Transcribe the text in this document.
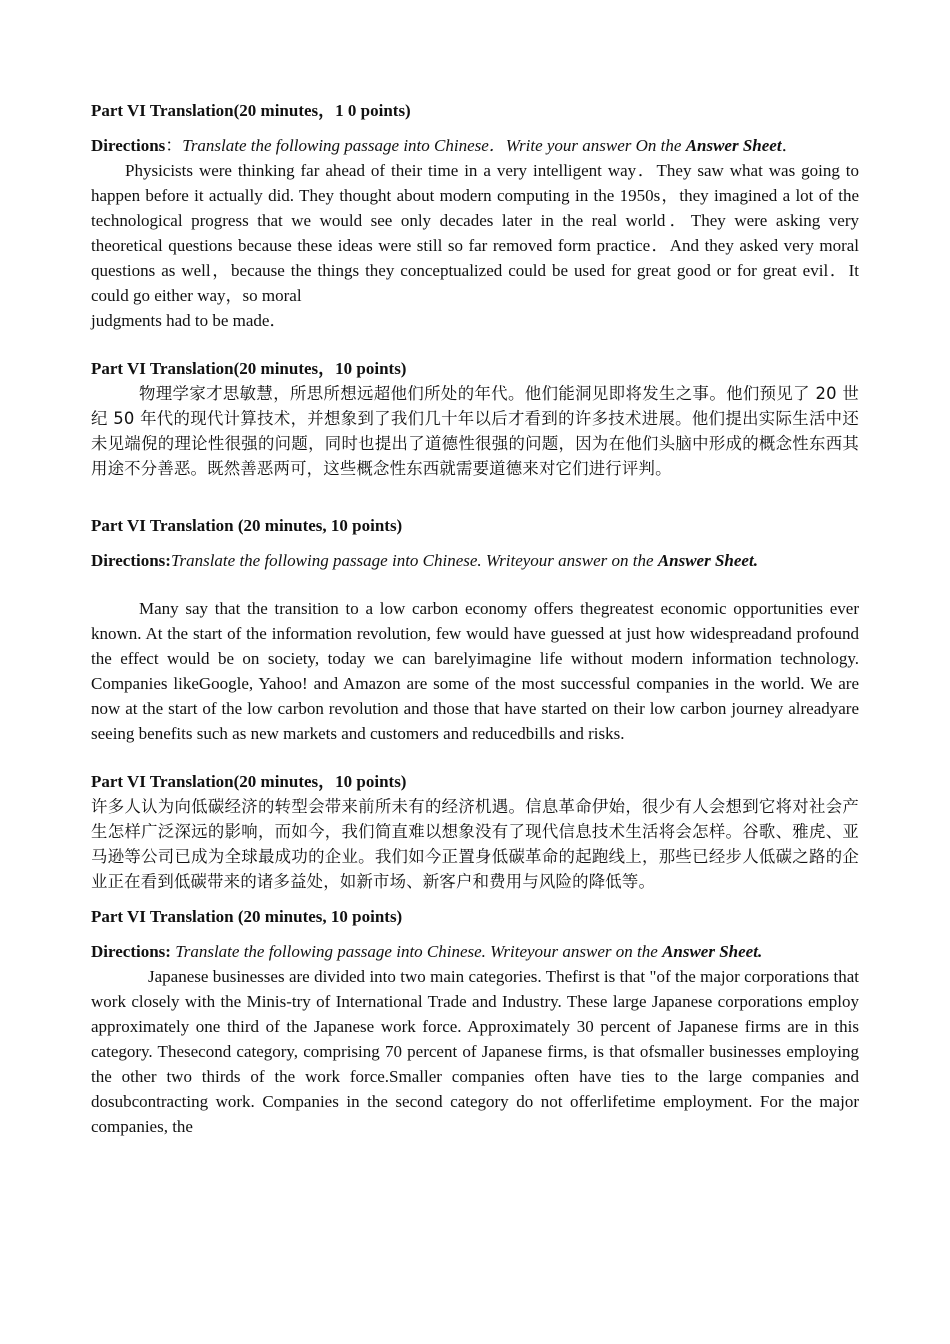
Part VI Translation(20 minutes，1 0 points)

Directions：Translate the following passage into Chinese．Write your answer On the Answer Sheet．

Physicists were thinking far ahead of their time in a very intelligent way．They saw what was going to happen before it actually did. They thought about modern computing in the 1950s，they imagined a lot of the technological progress that we would see only decades later in the real world．They were asking very theoretical questions because these ideas were still so far removed form practice．And they asked very moral questions as well，because the things they conceptualized could be used for great good or for great evil．It could go either way，so moral

judgments had to be made．

Part VI Translation(20 minutes，10 points)

物理学家才思敏慧，所思所想远超他们所处的年代。他们能洞见即将发生之事。他们预见了 20 世纪 50 年代的现代计算技术，并想象到了我们几十年以后才看到的许多技术进展。他们提出实际生活中还未见端倪的理论性很强的问题，同时也提出了道德性很强的问题，因为在他们头脑中形成的概念性东西其用途不分善恶。既然善恶两可，这些概念性东西就需要道德来对它们进行评判。

Part VI Translation (20 minutes, 10 points)

Directions:Translate the following passage into Chinese. Writeyour answer on the Answer Sheet.

Many say that the transition to a low carbon economy offers thegreatest economic opportunities ever known. At the start of the information revolution, few would have guessed at just how widespreadand profound the effect would be on society, today we can barelyimagine life without modern information technology. Companies likeGoogle, Yahoo! and Amazon are some of the most successful companies in the world. We are now at the start of the low carbon revolution and those that have started on their low carbon journey alreadyare seeing benefits such as new markets and customers and reducedbills and risks.

Part VI Translation(20 minutes，10 points)

许多人认为向低碳经济的转型会带来前所未有的经济机遇。信息革命伊始，很少有人会想到它将对社会产生怎样广泛深远的影响，而如今，我们简直难以想象没有了现代信息技术生活将会怎样。谷歌、雅虎、亚马逊等公司已成为全球最成功的企业。我们如今正置身低碳革命的起跑线上，那些已经步人低碳之路的企业正在看到低碳带来的诸多益处，如新市场、新客户和费用与风险的降低等。

Part VI Translation (20 minutes, 10 points)

Directions: Translate the following passage into Chinese. Writeyour answer on the Answer Sheet.

Japanese businesses are divided into two main categories. Thefirst is that "of the major corporations that work closely with the Minis-try of International Trade and Industry. These large Japanese corporations employ approximately one third of the Japanese work force. Approximately 30 percent of Japanese firms are in this category. Thesecond category, comprising 70 percent of Japanese firms, is that ofsmaller businesses employing the other two thirds of the work force.Smaller companies often have ties to the large companies and dosubcontracting work. Companies in the second category do not offerlifetime employment. For the major companies, the
